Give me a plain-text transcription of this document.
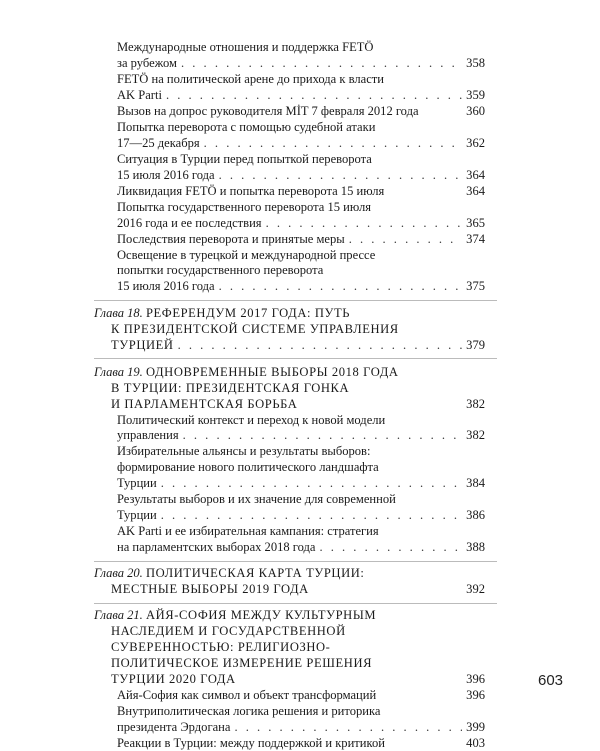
Международные отношения и поддержка FETÖ
за рубежом . . .	358
FETÖ на политической арене до прихода к власти
AK Parti . . .	359
Вызов на допрос руководителя MİT 7 февраля 2012 года	360
Попытка переворота с помощью судебной атаки
17—25 декабря . . .	362
Ситуация в Турции перед попыткой переворота
15 июля 2016 года . . .	364
Ликвидация FETÖ и попытка переворота 15 июля	364
Попытка государственного переворота 15 июля
2016 года и ее последствия . . .	365
Последствия переворота и принятые меры . . .	374
Освещение в турецкой и международной прессе
попытки государственного переворота
15 июля 2016 года . . .	375
Глава 18. РЕФЕРЕНДУМ 2017 ГОДА: ПУТЬ
К ПРЕЗИДЕНТСКОЙ СИСТЕМЕ УПРАВЛЕНИЯ
ТУРЦИЕЙ . . .	379
Глава 19. ОДНОВРЕМЕННЫЕ ВЫБОРЫ 2018 ГОДА
В ТУРЦИИ: ПРЕЗИДЕНТСКАЯ ГОНКА
И ПАРЛАМЕНТСКАЯ БОРЬБА	382
Политический контекст и переход к новой модели
управления . . .	382
Избирательные альянсы и результаты выборов:
формирование нового политического ландшафта
Турции . . .	384
Результаты выборов и их значение для современной
Турции . . .	386
AK Parti и ее избирательная кампания: стратегия
на парламентских выборах 2018 года . . .	388
Глава 20. ПОЛИТИЧЕСКАЯ КАРТА ТУРЦИИ:
МЕСТНЫЕ ВЫБОРЫ 2019 ГОДА	392
Глава 21. АЙЯ-СОФИЯ МЕЖДУ КУЛЬТУРНЫМ
НАСЛЕДИЕМ И ГОСУДАРСТВЕННОЙ
СУВЕРЕННОСТЬЮ: РЕЛИГИОЗНО-
ПОЛИТИЧЕСКОЕ ИЗМЕРЕНИЕ РЕШЕНИЯ
ТУРЦИИ 2020 ГОДА	396
Айя-София как символ и объект трансформаций	396
Внутриполитическая логика решения и риторика
президента Эрдогана . . .	399
Реакции в Турции: между поддержкой и критикой	403
603
